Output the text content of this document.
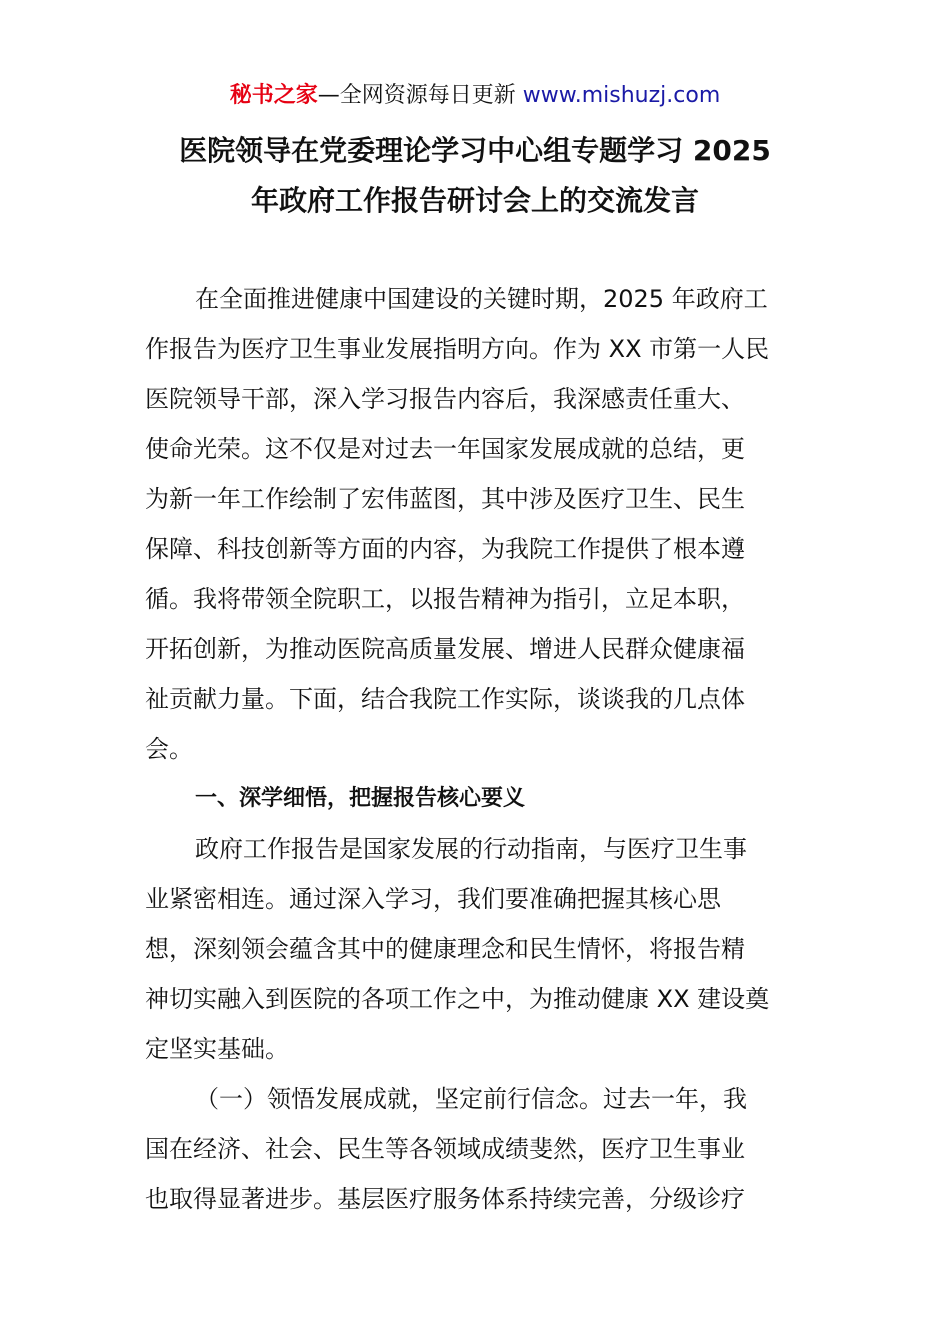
秘书之家—全网资源每日更新 www.mishuzj.com
医院领导在党委理论学习中心组专题学习 2025
年政府工作报告研讨会上的交流发言
在全面推进健康中国建设的关键时期，2025 年政府工
作报告为医疗卫生事业发展指明方向。作为 XX 市第一人民
医院领导干部，深入学习报告内容后，我深感责任重大、
使命光荣。这不仅是对过去一年国家发展成就的总结，更
为新一年工作绘制了宏伟蓝图，其中涉及医疗卫生、民生
保障、科技创新等方面的内容，为我院工作提供了根本遵
循。我将带领全院职工，以报告精神为指引，立足本职，
开拓创新，为推动医院高质量发展、增进人民群众健康福
祉贡献力量。下面，结合我院工作实际，谈谈我的几点体
会。
一、深学细悟，把握报告核心要义
政府工作报告是国家发展的行动指南，与医疗卫生事
业紧密相连。通过深入学习，我们要准确把握其核心思
想，深刻领会蕴含其中的健康理念和民生情怀，将报告精
神切实融入到医院的各项工作之中，为推动健康 XX 建设奠
定坚实基础。
（一）领悟发展成就，坚定前行信念。过去一年，我
国在经济、社会、民生等各领域成绩斐然，医疗卫生事业
也取得显著进步。基层医疗服务体系持续完善，分级诊疗
